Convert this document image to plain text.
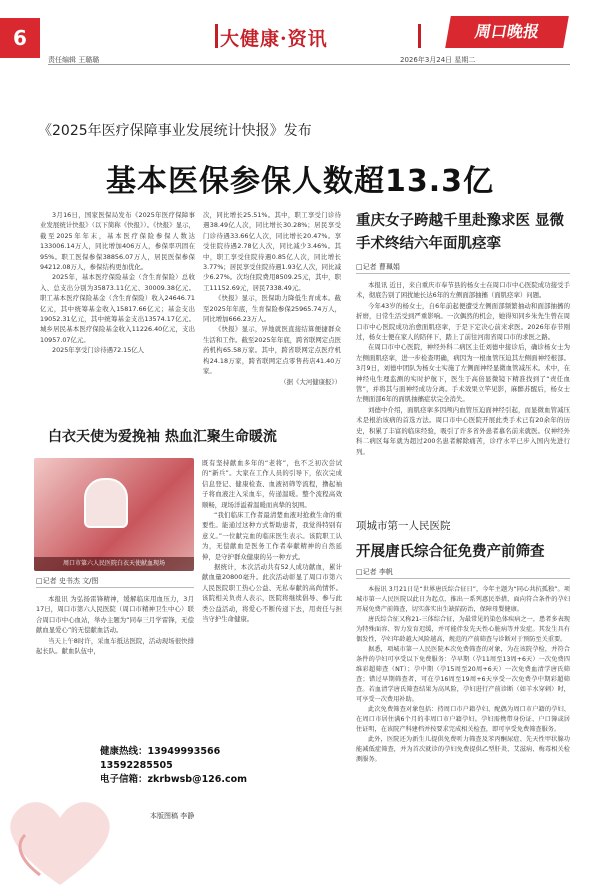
6	大健康·资讯	周口晚报
责任编辑 王璐璐	2026年3月24日 星期二
《2025年医疗保障事业发展统计快报》发布
基本医保参保人数超13.3亿

3月16日，国家医保局发布《2025年医疗保障事业发展统计快报》（以下简称《快报》）。《快报》显示，截至2025年年末，基本医疗保险参保人数达133006.14万人，同比增加406万人，参保率巩固在95%。职工医保参保38856.07万人，居民医保参保94212.08万人，参保结构更加优化。

2025年，基本医疗保险基金（含生育保险）总收入、总支出分别为35873.11亿元、30009.38亿元。职工基本医疗保险基金（含生育保险）收入24646.71亿元，其中统筹基金收入15817.66亿元；基金支出19052.31亿元，其中统筹基金支出13574.17亿元。城乡居民基本医疗保险基金收入11226.40亿元，支出10957.07亿元。

2025年享受门诊待遇72.15亿人

次，同比增长25.51%。其中，职工享受门诊待遇38.49亿人次，同比增长30.28%；居民享受门诊待遇33.66亿人次，同比增长20.47%。享受住院待遇2.78亿人次，同比减少3.46%。其中，职工享受住院待遇0.85亿人次，同比增长3.77%；居民享受住院待遇1.93亿人次，同比减少6.27%。次均住院费用8509.25元，其中，职工11152.69元，居民7338.49元。

《快报》显示，医保助力降低生育成本。截至2025年年底，生育保险参保25965.74万人，同比增加666.23万人。

《快报》显示，异地就医直接结算便捷群众生活和工作。截至2025年年底，跨省联网定点医药机构65.58万家。其中，跨省联网定点医疗机构24.18万家，跨省联网定点零售药店41.40万家。

（据《大河健康报》）
重庆女子跨越千里赴豫求医 显微手术终结六年面肌痉挛
□记者 曹珮娟

本报讯 近日，来自重庆市奉节县的杨女士在周口市中心医院成功接受手术，彻底告别了困扰她长达6年的左侧面部抽搐（面肌痉挛）问题。

今年43岁的杨女士，自6年前起便遭受左侧面部频繁抽动和面部抽搐的折磨，日常生活受到严重影响。一次偶然的机会，她得知同乡朱先生曾在周口市中心医院成功治愈面肌痉挛，于是下定决心前来求医。2026年春节刚过，杨女士便在家人的陪伴下，踏上了前往河南省周口市的求医之路。

在周口市中心医院，神经外科二病区主任刘德中接诊后，确诊杨女士为左侧面肌痉挛，进一步检查明确，病因为一根血管压迫其左侧面神经根部。3月9日，刘德中团队为杨女士实施了左侧面神经显微血管减压术。术中，在神经电生理监测的实时护航下，医生于高倍显微镜下精准找到了“责任血管”，并将其与面神经成功分离。手术效果立竿见影，麻醉苏醒后，杨女士左侧面部6年的面肌抽搐症状完全消失。

刘德中介绍，面肌痉挛多因颅内血管压迫面神经引起，而显微血管减压术是根治该病的首选方法。周口市中心医院开展此类手术已有20余年的历史，积累了丰富的临床经验，吸引了许多省外患者慕名前来就医。仅神经外科二病区每年就为超过200名患者解除痛苦，诊疗水平已步入国内先进行列。

白衣天使为爱挽袖 热血汇聚生命暖流
周口市第六人民医院白衣天使献血现场
□记者 史书杰 文/图

本报讯 为弘扬雷锋精神，缓解临床用血压力，3月17日，周口市第六人民医院（周口市精神卫生中心）联合周口市中心血站，举办主题为“同奉三月学雷锋，无偿献血显爱心”的无偿献血活动。

当天上午8时许，采血车抵达医院，活动现场很快排起长队。献血队伍中，

既有坚持献血多年的“老将”，也不乏初次尝试的“新兵”。大家在工作人员的引导下，依次完成信息登记、健康检查、血液初筛等流程，撸起袖子将血液注入采血车，传递温暖。整个流程高效顺畅，现场洋溢着温暖而真挚的氛围。

“我们临床工作者最清楚血液对抢救生命的重要性。能通过这种方式帮助患者，我觉得特别有意义。”一位献完血的临床医生表示。该院职工认为，无偿献血是医务工作者奉献精神的自然延伸，是守护群众健康的另一种方式。

据统计，本次活动共有52人成功献血，累计献血量20800毫升。此次活动彰显了周口市第六人民医院职工热心公益、无私奉献的高尚情怀。该院相关负责人表示，医院将继续倡导、参与此类公益活动，将爱心不断传递下去，用责任与担当守护生命健康。

项城市第一人民医院
开展唐氏综合征免费产前筛查
□记者 李帆

本报讯 3月21日是“世界唐氏综合征日”，今年主题为“同心共抗孤独”。项城市第一人民医院以此日为起点，推出一系列惠民举措，面向符合条件的孕妇开展免费产前筛查，切实落实出生缺陷防治，保障母婴健康。

唐氏综合征又称21-三体综合征，为最常见的染色体疾病之一，患者多表现为特殊面容、智力发育迟缓，并可能伴发先天性心脏病等并发症。其发生具有偶发性，孕妇年龄越大风险越高，规范的产前筛查与诊断对于预防至关重要。

据悉，项城市第一人民医院本次免费筛查的对象，为在该院孕检，并符合条件的孕妇可享受以下免费服务：孕早期（孕11周至13周+6天）一次免费四维彩超筛查（NT）；孕中期（孕15周至20周+6天）一次免费血清学唐氏筛查；错过早期筛查者，可在孕16周至19周+6天享受一次免费孕中期彩超筛查。若血清学唐氏筛查结果为高风险，孕妇进行产前诊断（如羊水穿刺）时，可享受一次费用补助。

此次免费筛查对象包括：持周口市户籍孕妇、配偶为周口市户籍的孕妇、在周口市居住满6个月的非周口市户籍孕妇。孕妇需携带身份证、户口簿或居住证明，在该院产科建档并按要求完成相关检查，即可享受免费筛查服务。

此外，医院还为新生儿提供免费听力筛查及苯丙酮尿症、先天性甲状腺功能减低症筛查，并为首次就诊的孕妇免费提供乙型肝炎、艾滋病、梅毒相关检测服务。

健康热线：13949993566 13592285505
电子信箱：zkrbwsb@126.com
本版图稿 李静
